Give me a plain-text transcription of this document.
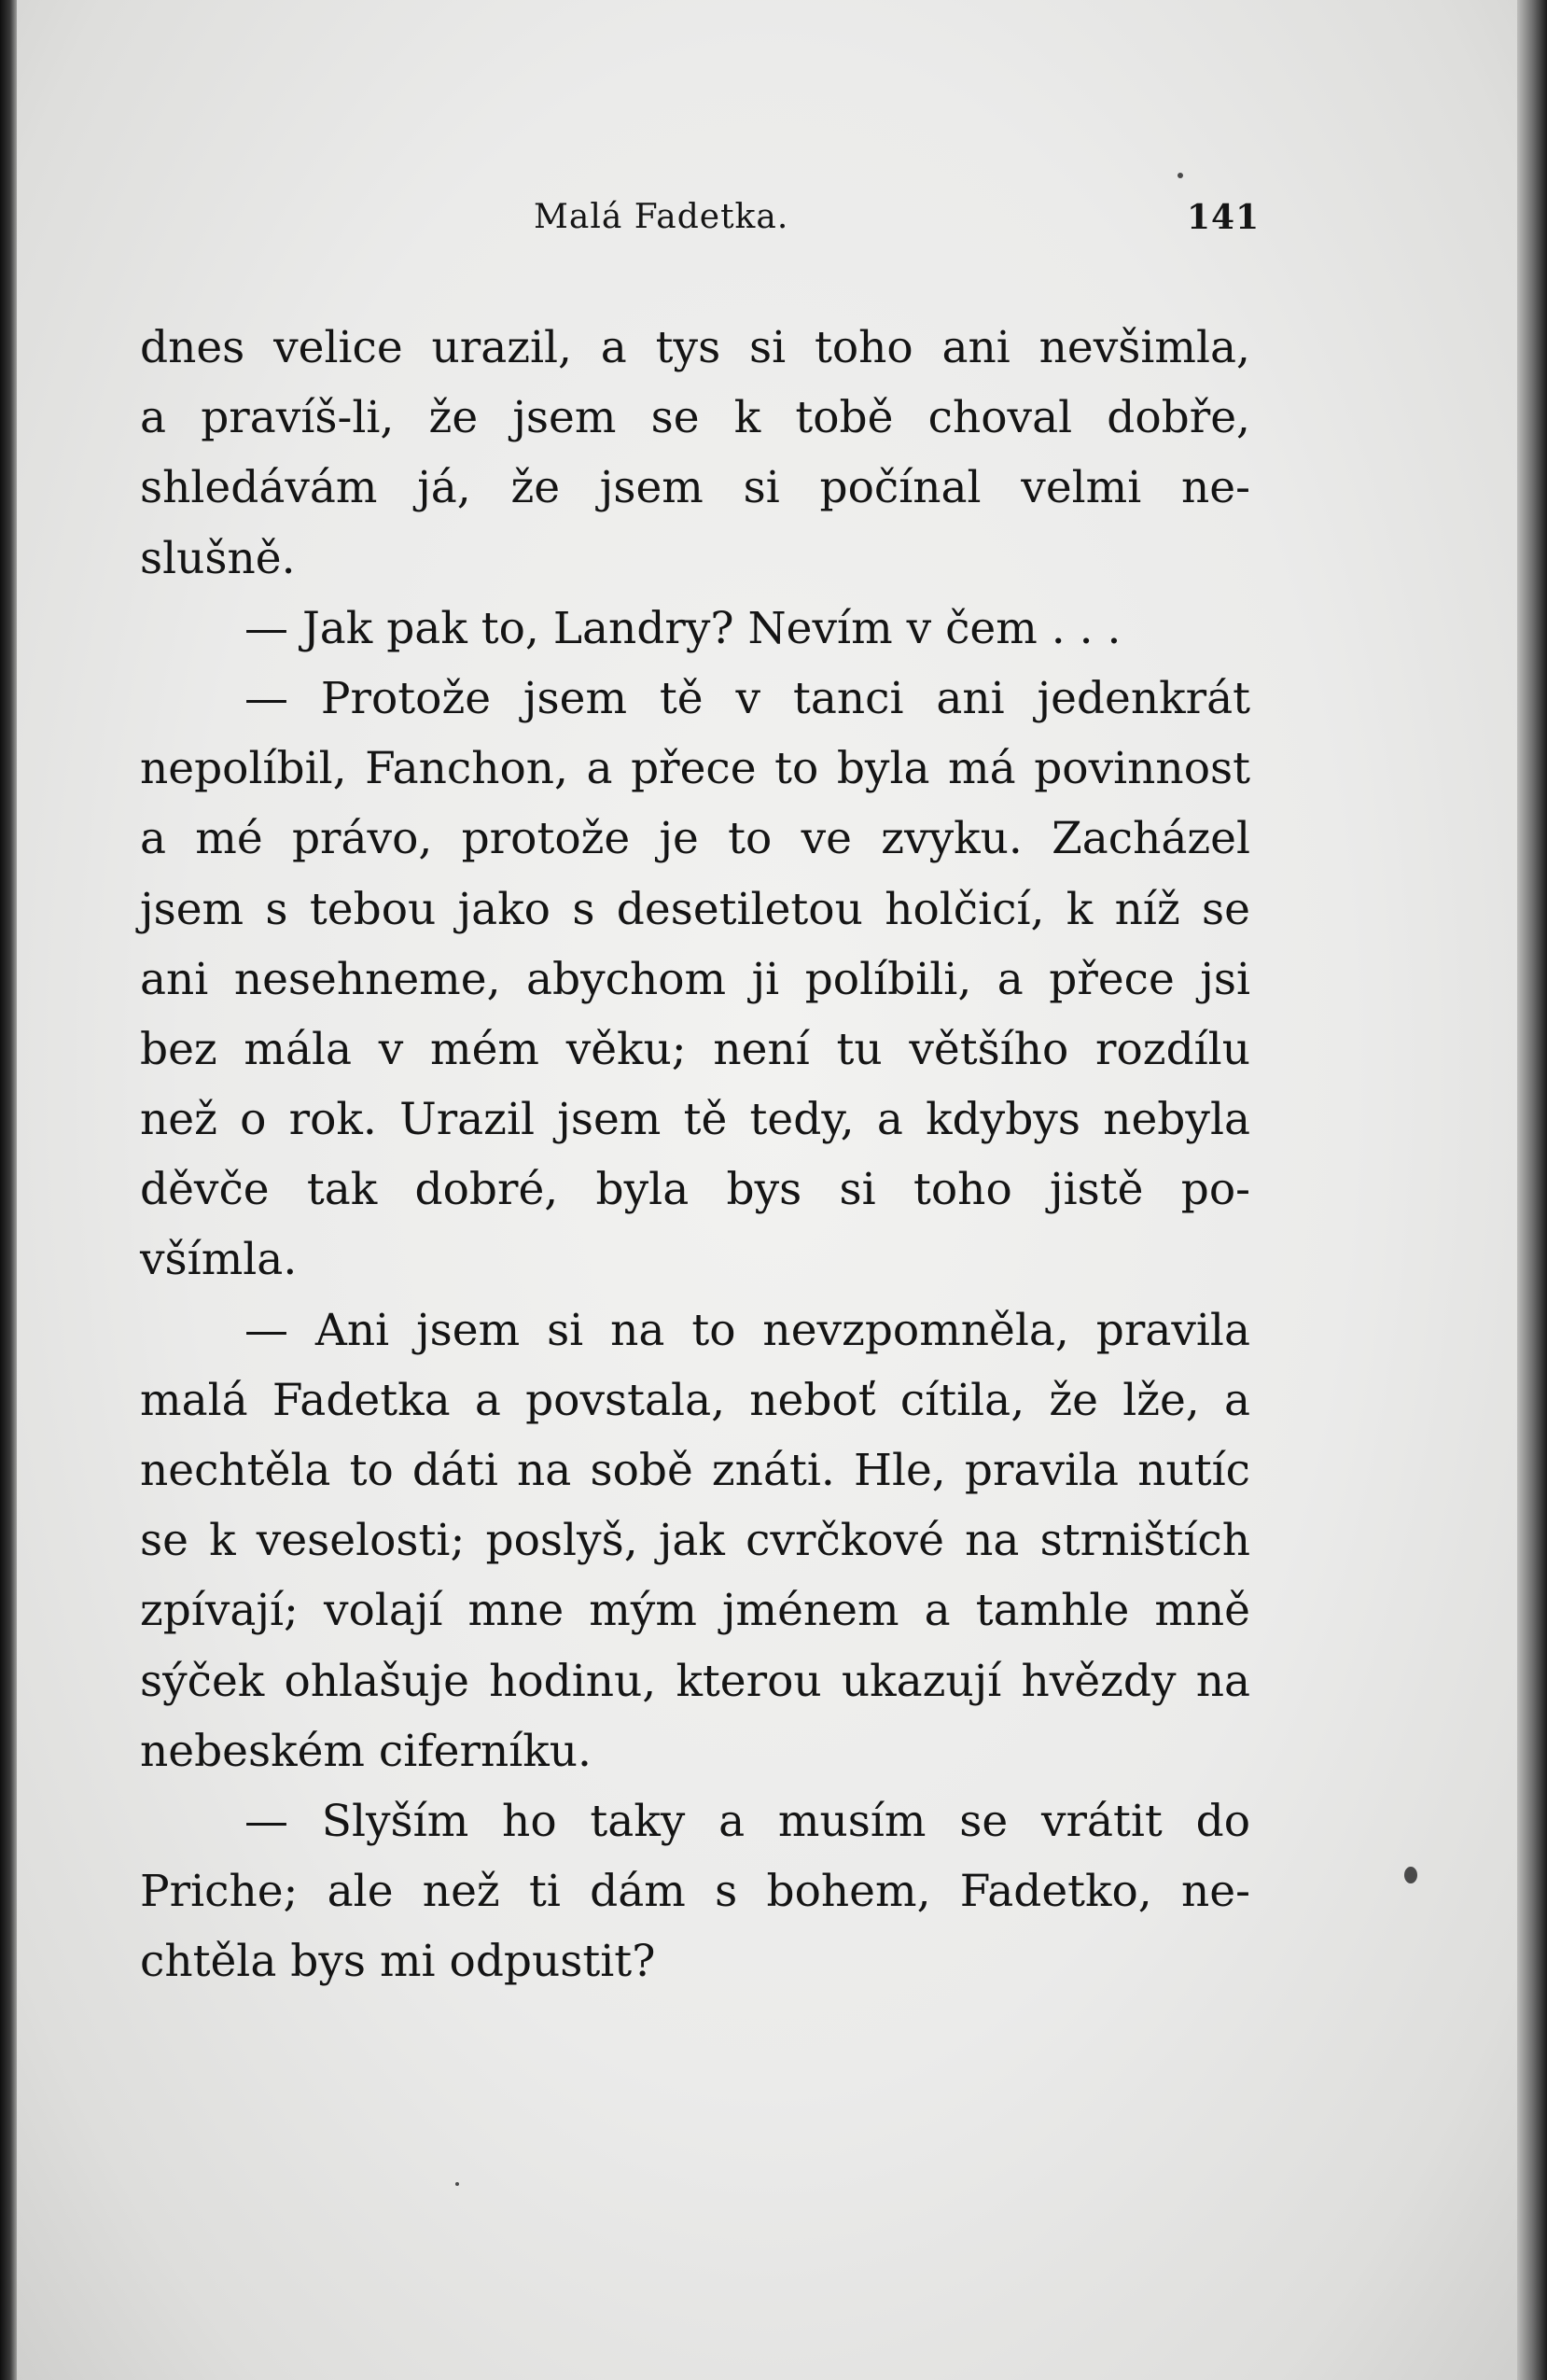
Malá Fadetka.	141
dnes velice urazil, a tys si toho ani nevšimla,
a pravíš-li, že jsem se k tobě choval dobře,
shledávám já, že jsem si počínal velmi ne-
slušně.
— Jak pak to, Landry? Nevím v čem . . .
— Protože jsem tě v tanci ani jedenkrát
nepolíbil, Fanchon, a přece to byla má povinnost
a mé právo, protože je to ve zvyku. Zacházel
jsem s tebou jako s desetiletou holčicí, k níž se
ani nesehneme, abychom ji políbili, a přece jsi
bez mála v mém věku; není tu většího rozdílu
než o rok. Urazil jsem tě tedy, a kdybys nebyla
děvče tak dobré, byla bys si toho jistě po-
všímla.
— Ani jsem si na to nevzpomněla, pravila
malá Fadetka a povstala, neboť cítila, že lže, a
nechtěla to dáti na sobě znáti. Hle, pravila nutíc
se k veselosti; poslyš, jak cvrčkové na strništích
zpívají; volají mne mým jménem a tamhle mně
sýček ohlašuje hodinu, kterou ukazují hvězdy na
nebeském ciferníku.
— Slyším ho taky a musím se vrátit do
Priche; ale než ti dám s bohem, Fadetko, ne-
chtěla bys mi odpustit?
